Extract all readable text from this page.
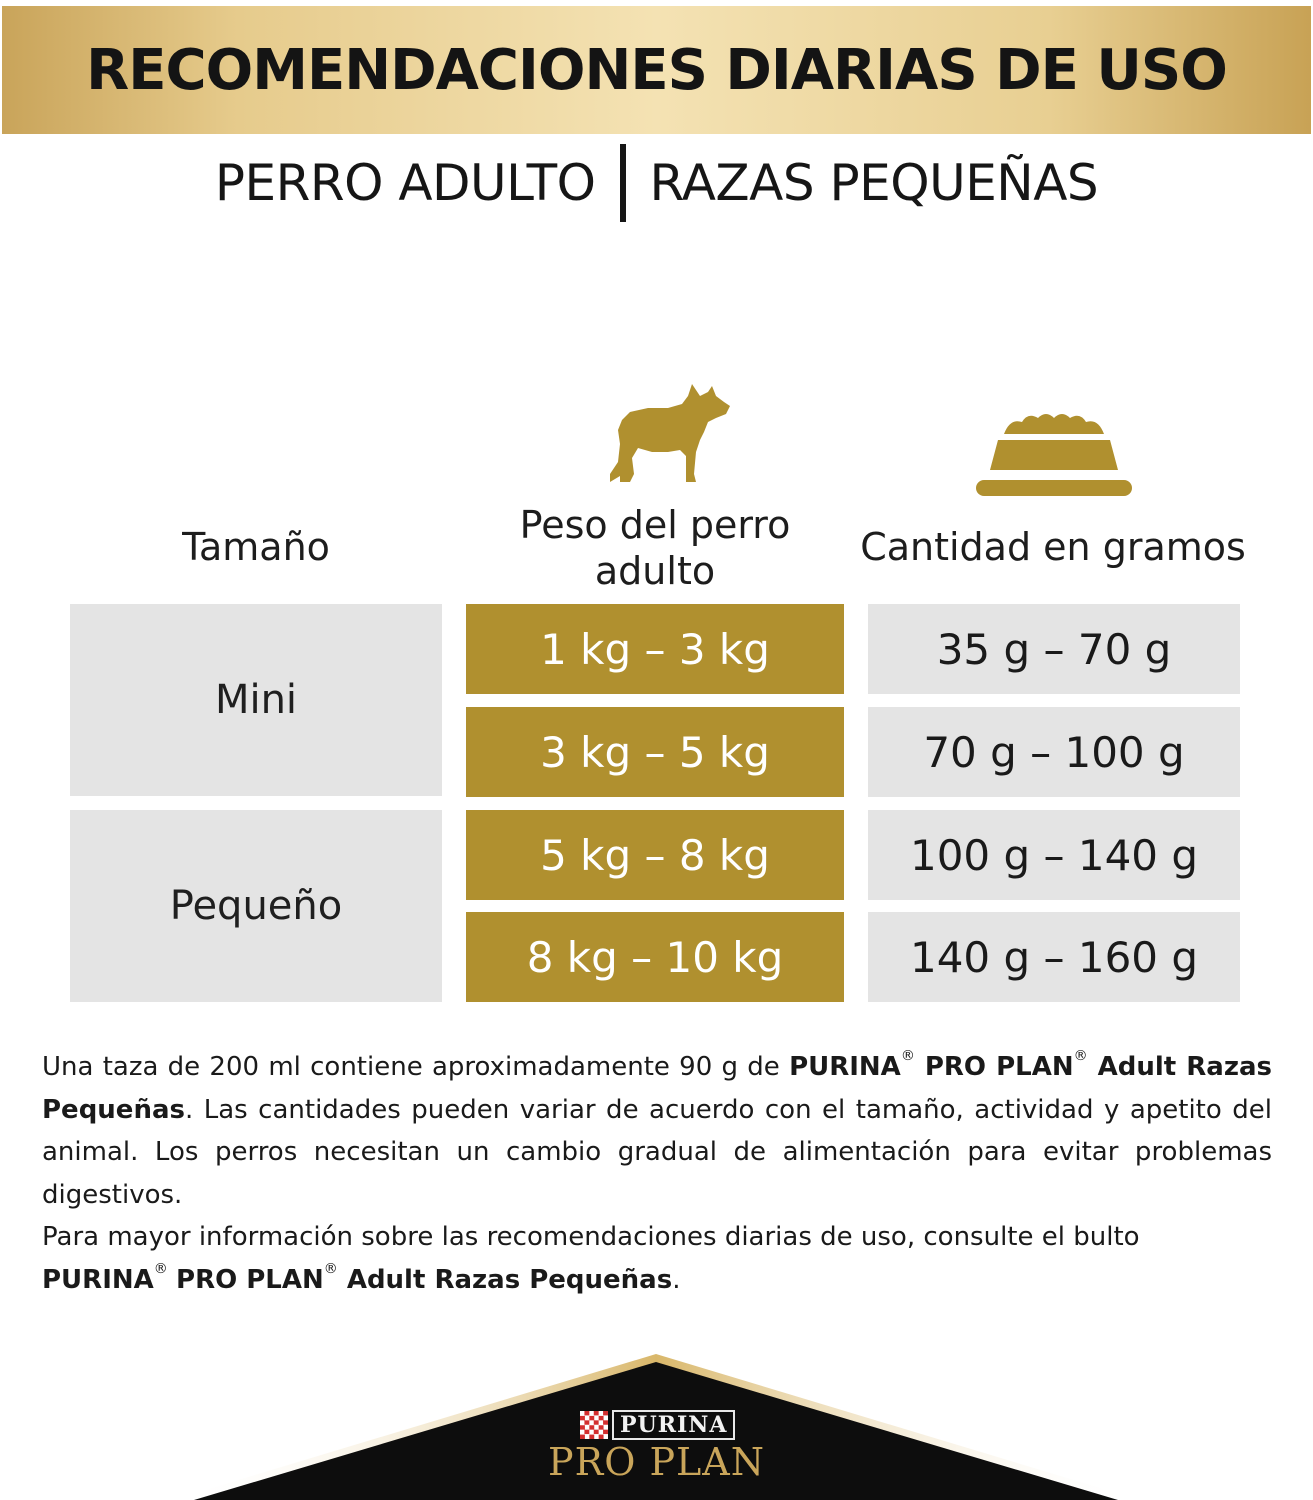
RECOMENDACIONES DIARIAS DE USO
PERRO ADULTO RAZAS PEQUEÑAS
Tamaño	Peso del perro
adulto
Cantidad en gramos
Mini
Pequeño
1 kg – 3 kg
3 kg – 5 kg
5 kg – 8 kg
8 kg – 10 kg
35 g – 70 g
70 g – 100 g
100 g – 140 g
140 g – 160 g

Una taza de 200 ml contiene aproximadamente 90 g de PURINA® PRO PLAN® Adult Razas Pequeñas. Las cantidades pueden variar de acuerdo con el tamaño, actividad y apetito del animal. Los perros necesitan un cambio gradual de alimentación para evitar problemas digestivos.

Para mayor información sobre las recomendaciones diarias de uso, consulte el bulto PURINA® PRO PLAN® Adult Razas Pequeñas.

PURINA
PRO PLAN
